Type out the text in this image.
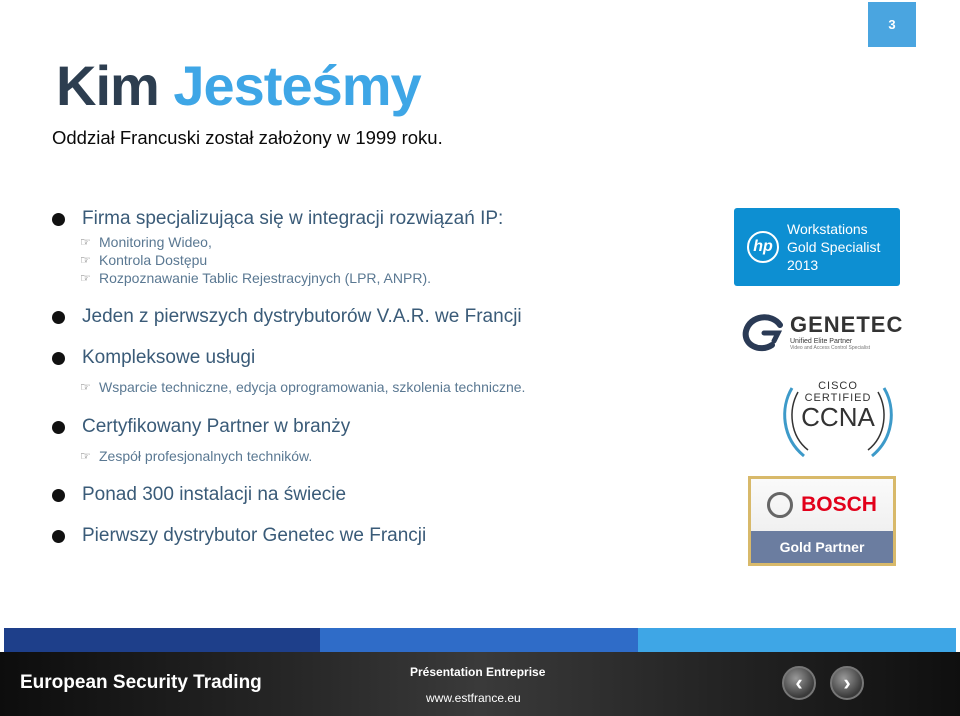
3
Kim Jesteśmy
Oddział Francuski został założony w 1999 roku.
Firma specjalizująca się w integracji rozwiązań IP:
☞ Monitoring Wideo,
☞ Kontrola Dostępu
☞ Rozpoznawanie Tablic Rejestracyjnych (LPR, ANPR).
Jeden z pierwszych dystrybutorów V.A.R. we Francji
Kompleksowe usługi
☞ Wsparcie techniczne, edycja oprogramowania, szkolenia techniczne.
Certyfikowany Partner w branży
☞ Zespół profesjonalnych techników.
Ponad 300 instalacji na świecie
Pierwszy dystrybutor Genetec we Francji
hp
Workstations
Gold Specialist
2013
GENETEC
Unified Elite Partner
Video and Access Control Specialist
CISCO
CERTIFIED
CCNA
BOSCH
Gold Partner
European Security Trading	Présentation Entreprise
www.estfrance.eu
‹ ›
